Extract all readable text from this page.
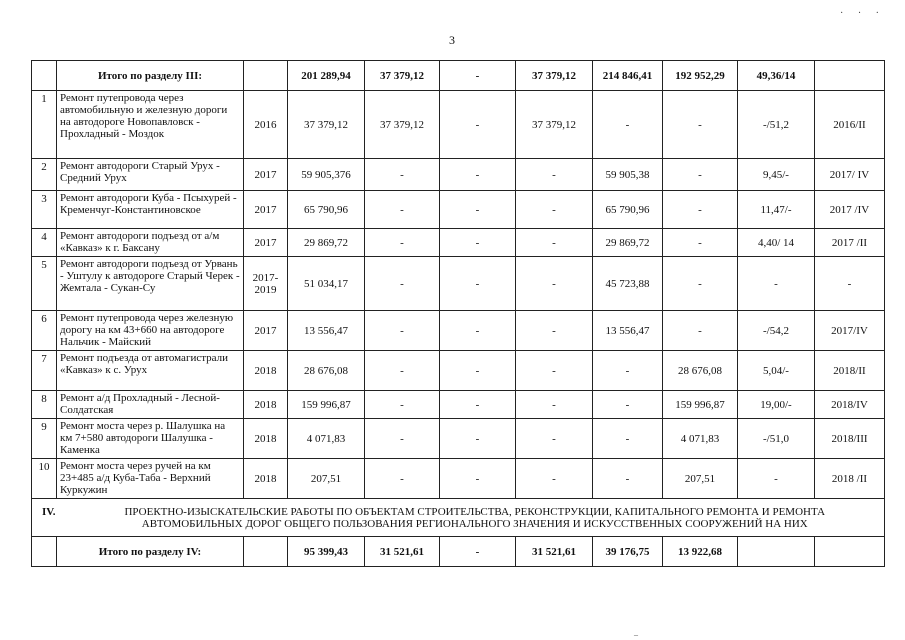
· · ·
3
	Итого по разделу III:		201 289,94	37 379,12	-	37 379,12	214 846,41	192 952,29	49,36/14	
1	Ремонт путепровода через автомобильную и железную дороги на автодороге Новопавловск - Прохладный - Моздок	2016	37 379,12	37 379,12	-	37 379,12	-	-	-/51,2	2016/II
2	Ремонт автодороги Старый Урух - Средний Урух	2017	59 905,376	-	-	-	59 905,38	-	9,45/-	2017/ IV
3	Ремонт автодороги Куба - Псыхурей - Кременчуг-Константиновское	2017	65 790,96	-	-	-	65 790,96	-	11,47/-	2017 /IV
4	Ремонт автодороги подъезд от а/м «Кавказ» к г. Баксану	2017	29 869,72	-	-	-	29 869,72	-	4,40/ 14	2017 /II
5	Ремонт автодороги подъезд от Урвань - Уштулу к автодороге Старый Черек - Жемтала - Сукан-Су	2017-2019	51 034,17	-	-	-	45 723,88	-	-	-
6	Ремонт путепровода через железную дорогу на км 43+660 на автодороге Нальчик - Майский	2017	13 556,47	-	-	-	13 556,47	-	-/54,2	2017/IV
7	Ремонт подъезда от автомагистрали «Кавказ» к с. Урух	2018	28 676,08	-	-	-	-	28 676,08	5,04/-	2018/II
8	Ремонт а/д Прохладный - Лесной-Солдатская	2018	159 996,87	-	-	-	-	159 996,87	19,00/-	2018/IV
9	Ремонт моста через р. Шалушка на км 7+580 автодороги Шалушка - Каменка	2018	4 071,83	-	-	-	-	4 071,83	-/51,0	2018/III
10	Ремонт моста через ручей на км 23+485 а/д Куба-Таба - Верхний Куркужин	2018	207,51	-	-	-	-	207,51	-	2018 /II

IV. ПРОЕКТНО-ИЗЫСКАТЕЛЬСКИЕ РАБОТЫ ПО ОБЪЕКТАМ СТРОИТЕЛЬСТВА, РЕКОНСТРУКЦИИ, КАПИТАЛЬНОГО РЕМОНТА И РЕМОНТА АВТОМОБИЛЬНЫХ ДОРОГ ОБЩЕГО ПОЛЬЗОВАНИЯ РЕГИОНАЛЬНОГО ЗНАЧЕНИЯ И ИСКУССТВЕННЫХ СООРУЖЕНИЙ НА НИХ										

	Итого по разделу IV:		95 399,43	31 521,61	-	31 521,61	39 176,75	13 922,68		
–
